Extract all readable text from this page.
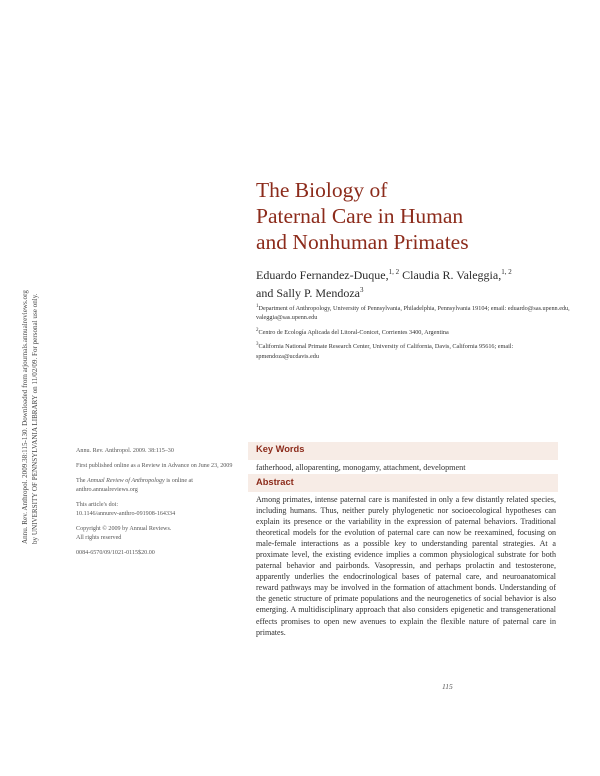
Annu. Rev. Anthropol. 2009.38:115-130. Downloaded from arjournals.annualreviews.org by UNIVERSITY OF PENNSYLVANIA LIBRARY on 11/02/09. For personal use only.
The Biology of
Paternal Care in Human
and Nonhuman Primates
Eduardo Fernandez-Duque,$^{1, 2}$ Claudia R. Valeggia,$^{1, 2}$
and Sally P. Mendoza$^3$
$^1$Department of Anthropology, University of Pennsylvania, Philadelphia, Pennsylvania 19104; email: eduardo@sas.upenn.edu, valeggia@sas.upenn.edu
$^2$Centro de Ecología Aplicada del Litoral-Conicet, Corrientes 3400, Argentina
$^3$California National Primate Research Center, University of California, Davis, California 95616; email: spmendoza@ucdavis.edu
Annu. Rev. Anthropol. 2009. 38:115–30
First published online as a Review in Advance on June 23, 2009
The Annual Review of Anthropology is online at anthro.annualreviews.org
This article's doi:
10.1146/annurev-anthro-091908-164334
Copyright © 2009 by Annual Reviews.
All rights reserved
0084-6570/09/1021-0115$20.00
Key Words
fatherhood, alloparenting, monogamy, attachment, development
Abstract
Among primates, intense paternal care is manifested in only a few distantly related species, including humans. Thus, neither purely phylogenetic nor socioecological hypotheses can explain its presence or the variability in the expression of paternal behaviors. Traditional theoretical models for the evolution of paternal care can now be reexamined, focusing on male-female interactions as a possible key to understanding parental strategies. At a proximate level, the existing evidence implies a common physiological substrate for both paternal behavior and pairbonds. Vasopressin, and perhaps prolactin and testosterone, apparently underlies the endocrinological bases of paternal care, and neuroanatomical reward pathways may be involved in the formation of attachment bonds. Understanding of the genetic structure of primate populations and the neurogenetics of social behavior is also emerging. A multidisciplinary approach that also considers epigenetic and transgenerational effects promises to open new avenues to explain the flexible nature of paternal care in primates.
115
